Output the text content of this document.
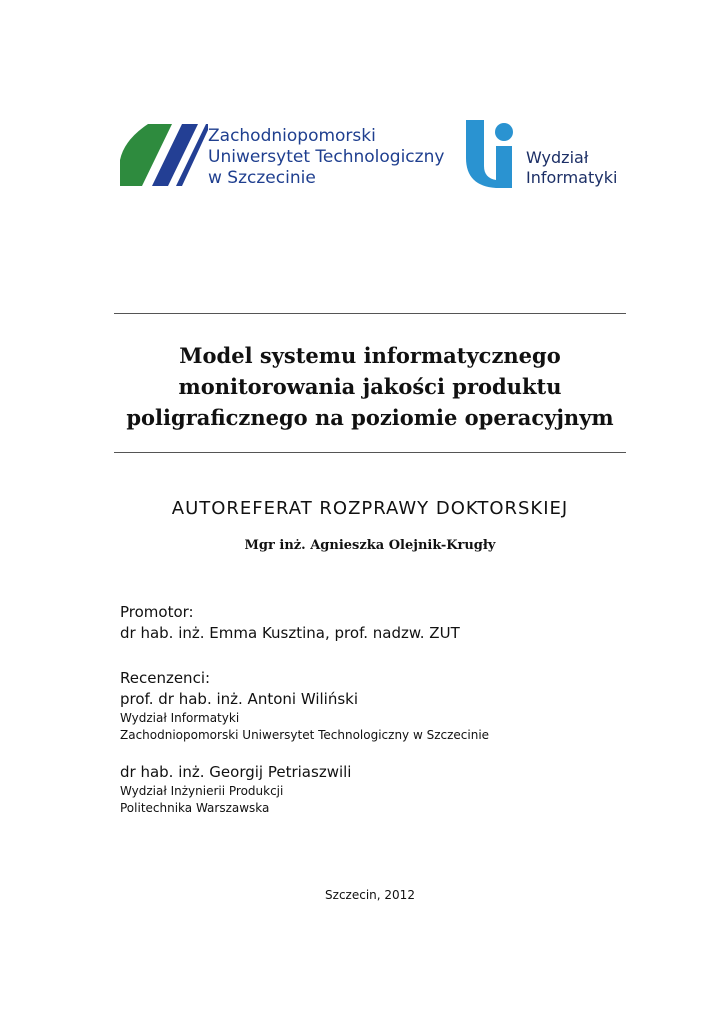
Zachodniopomorski
Uniwersytet Technologiczny
w Szczecinie
Wydział
Informatyki
Model systemu informatycznego
monitorowania jakości produktu
poligraficznego na poziomie operacyjnym
AUTOREFERAT ROZPRAWY DOKTORSKIEJ
Mgr inż. Agnieszka Olejnik-Krugły
Promotor:
dr hab. inż. Emma Kusztina, prof. nadzw. ZUT
Recenzenci:
prof. dr hab. inż. Antoni Wiliński
Wydział Informatyki
Zachodniopomorski Uniwersytet Technologiczny w Szczecinie
dr hab. inż. Georgij Petriaszwili
Wydział Inżynierii Produkcji
Politechnika Warszawska
Szczecin, 2012
